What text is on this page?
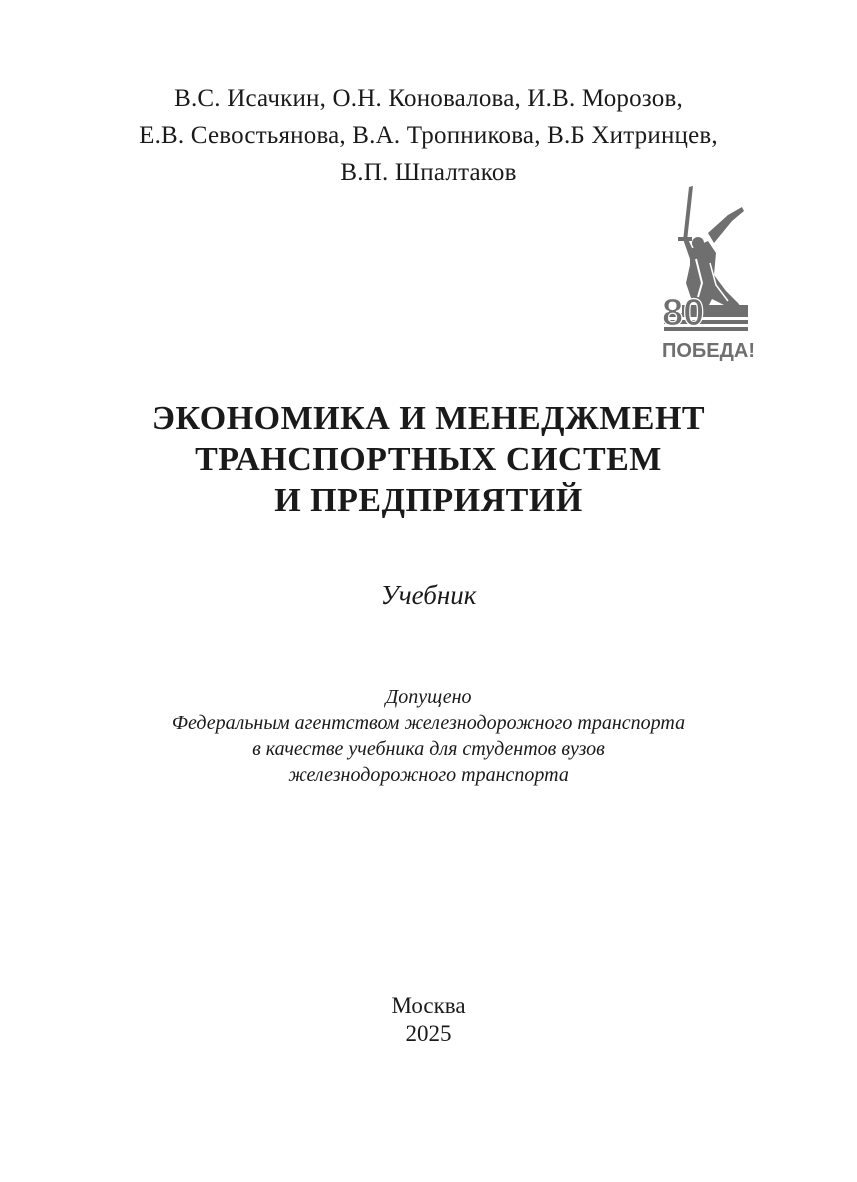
В.С. Исачкин, О.Н. Коновалова, И.В. Морозов,
Е.В. Севостьянова, В.А. Тропникова, В.Б Хитринцев,
В.П. Шпалтаков
80
ПОБЕДА!
ЭКОНОМИКА И МЕНЕДЖМЕНТ
ТРАНСПОРТНЫХ СИСТЕМ
И ПРЕДПРИЯТИЙ
Учебник
Допущено
Федеральным агентством железнодорожного транспорта
в качестве учебника для студентов вузов
железнодорожного транспорта
Москва
2025
